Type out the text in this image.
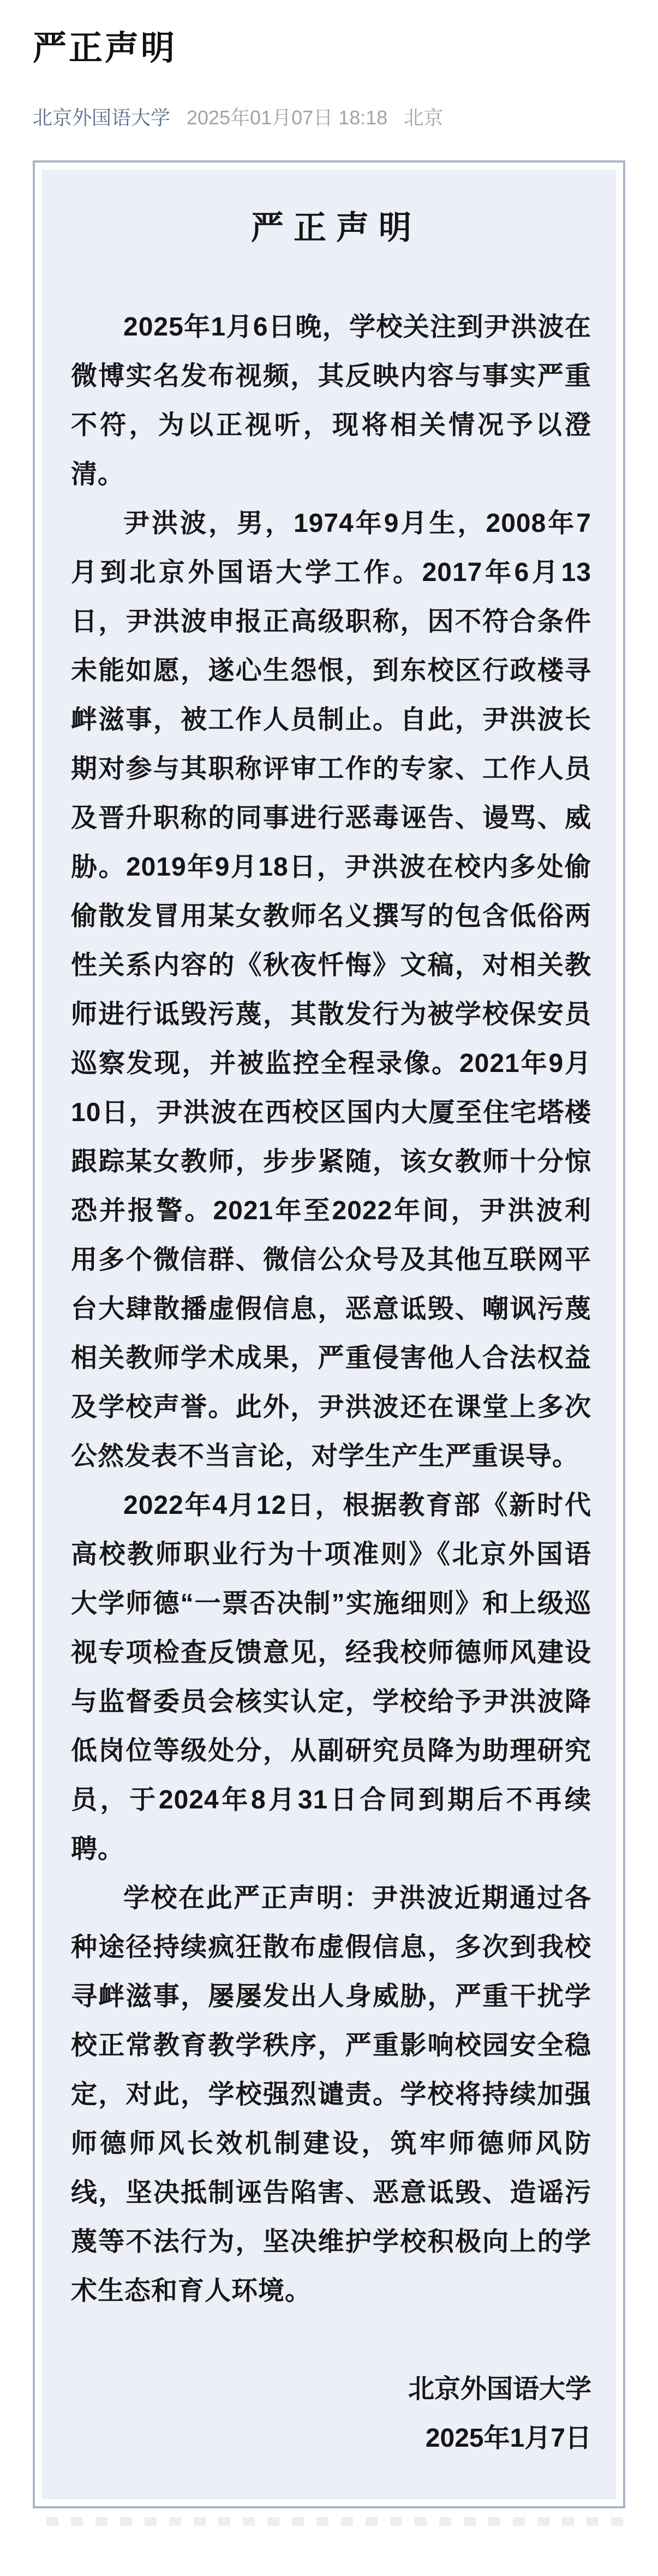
严正声明
北京外国语大学 2025年01月07日 18:18 北京
严正声明

2025年1月6日晚，学校关注到尹洪波在微博实名发布视频，其反映内容与事实严重不符，为以正视听，现将相关情况予以澄清。

尹洪波，男，1974年9月生，2008年7月到北京外国语大学工作。2017年6月13日，尹洪波申报正高级职称，因不符合条件未能如愿，遂心生怨恨，到东校区行政楼寻衅滋事，被工作人员制止。自此，尹洪波长期对参与其职称评审工作的专家、工作人员及晋升职称的同事进行恶毒诬告、谩骂、威胁。2019年9月18日，尹洪波在校内多处偷偷散发冒用某女教师名义撰写的包含低俗两性关系内容的《秋夜忏悔》文稿，对相关教师进行诋毁污蔑，其散发行为被学校保安员巡察发现，并被监控全程录像。2021年9月10日，尹洪波在西校区国内大厦至住宅塔楼跟踪某女教师，步步紧随，该女教师十分惊恐并报警。2021年至2022年间，尹洪波利用多个微信群、微信公众号及其他互联网平台大肆散播虚假信息，恶意诋毁、嘲讽污蔑相关教师学术成果，严重侵害他人合法权益及学校声誉。此外，尹洪波还在课堂上多次公然发表不当言论，对学生产生严重误导。

2022年4月12日，根据教育部《新时代高校教师职业行为十项准则》《北京外国语大学师德“一票否决制”实施细则》和上级巡视专项检查反馈意见，经我校师德师风建设与监督委员会核实认定，学校给予尹洪波降低岗位等级处分，从副研究员降为助理研究员，于2024年8月31日合同到期后不再续聘。

学校在此严正声明：尹洪波近期通过各种途径持续疯狂散布虚假信息，多次到我校寻衅滋事，屡屡发出人身威胁，严重干扰学校正常教育教学秩序，严重影响校园安全稳定，对此，学校强烈谴责。学校将持续加强师德师风长效机制建设，筑牢师德师风防线，坚决抵制诬告陷害、恶意诋毁、造谣污蔑等不法行为，坚决维护学校积极向上的学术生态和育人环境。

北京外国语大学
2025年1月7日
